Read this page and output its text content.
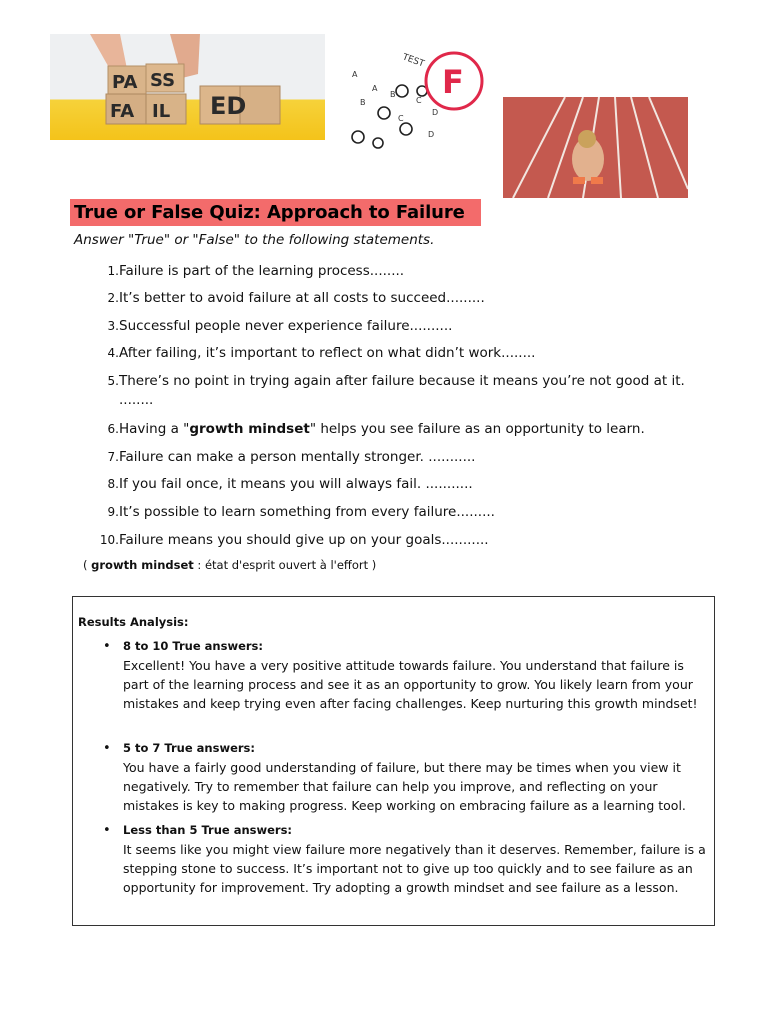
PA SS
FA IL ED
TEST
A
A
B
B
C
C
D
D
F
True or False Quiz: Approach to Failure
Answer "True" or "False" to the following statements.
1. Failure is part of the learning process........
2. It’s better to avoid failure at all costs to succeed.........
3. Successful people never experience failure..........
4. After failing, it’s important to reflect on what didn’t work........
5. There’s no point in trying again after failure because it means you’re not good at it. ........
6. Having a "growth mindset" helps you see failure as an opportunity to learn.
7. Failure can make a person mentally stronger. ...........
8. If you fail once, it means you will always fail. ...........
9. It’s possible to learn something from every failure.........
10. Failure means you should give up on your goals...........
( growth mindset : état d'esprit ouvert à l'effort )
Results Analysis:
• 8 to 10 True answers:
Excellent! You have a very positive attitude towards failure. You understand that failure is part of the learning process and see it as an opportunity to grow. You likely learn from your mistakes and keep trying even after facing challenges. Keep nurturing this growth mindset!
• 5 to 7 True answers:
You have a fairly good understanding of failure, but there may be times when you view it negatively. Try to remember that failure can help you improve, and reflecting on your mistakes is key to making progress. Keep working on embracing failure as a learning tool.
• Less than 5 True answers:
It seems like you might view failure more negatively than it deserves. Remember, failure is a stepping stone to success. It’s important not to give up too quickly and to see failure as an opportunity for improvement. Try adopting a growth mindset and see failure as a lesson.
